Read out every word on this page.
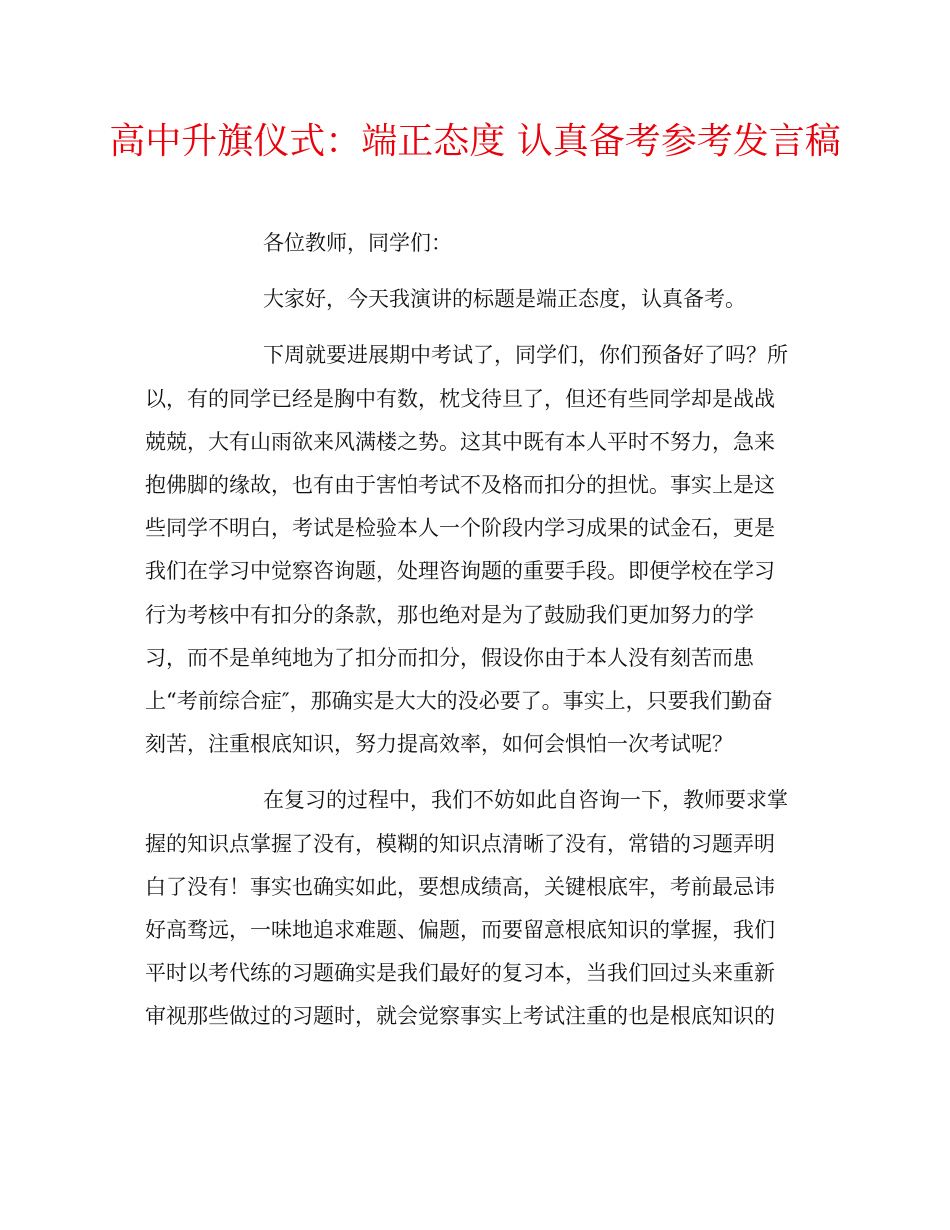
高中升旗仪式：端正态度 认真备考参考发言稿

各位教师，同学们：

大家好，今天我演讲的标题是端正态度，认真备考。

下周就要进展期中考试了，同学们，你们预备好了吗？所
以，有的同学已经是胸中有数，枕戈待旦了，但还有些同学却是战战
兢兢，大有山雨欲来风满楼之势。这其中既有本人平时不努力，急来
抱佛脚的缘故，也有由于害怕考试不及格而扣分的担忧。事实上是这
些同学不明白，考试是检验本人一个阶段内学习成果的试金石，更是
我们在学习中觉察咨询题，处理咨询题的重要手段。即便学校在学习
行为考核中有扣分的条款，那也绝对是为了鼓励我们更加努力的学
习，而不是单纯地为了扣分而扣分，假设你由于本人没有刻苦而患
上“考前综合症″，那确实是大大的没必要了。事实上，只要我们勤奋
刻苦，注重根底知识，努力提高效率，如何会惧怕一次考试呢？

在复习的过程中，我们不妨如此自咨询一下，教师要求掌
握的知识点掌握了没有，模糊的知识点清晰了没有，常错的习题弄明
白了没有！事实也确实如此，要想成绩高，关键根底牢，考前最忌讳
好高骛远，一味地追求难题、偏题，而要留意根底知识的掌握，我们
平时以考代练的习题确实是我们最好的复习本，当我们回过头来重新
审视那些做过的习题时，就会觉察事实上考试注重的也是根底知识的
